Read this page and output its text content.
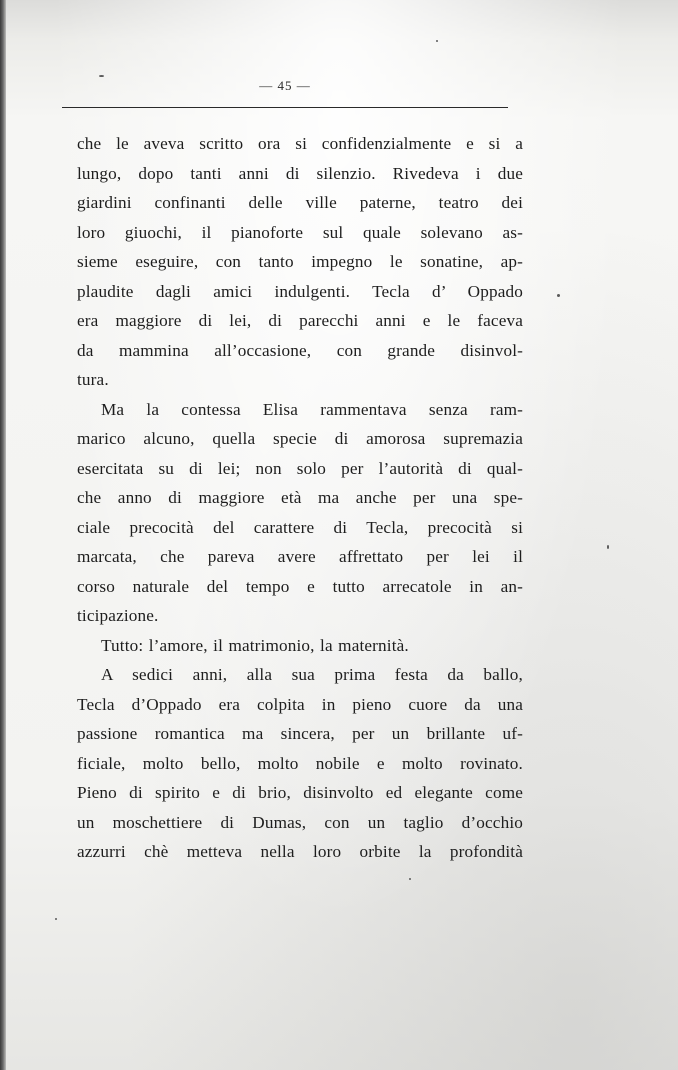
— 45 —
che le aveva scritto ora si confidenzialmente e si a
lungo, dopo tanti anni di silenzio. Rivedeva i due
giardini confinanti delle ville paterne, teatro dei
loro giuochi, il pianoforte sul quale solevano as-
sieme eseguire, con tanto impegno le sonatine, ap-
plaudite dagli amici indulgenti. Tecla d’ Oppado
era maggiore di lei, di parecchi anni e le faceva
da mammina all’occasione, con grande disinvol-
tura.
Ma la contessa Elisa rammentava senza ram-
marico alcuno, quella specie di amorosa supremazia
esercitata su di lei; non solo per l’autorità di qual-
che anno di maggiore età ma anche per una spe-
ciale precocità del carattere di Tecla, precocità si
marcata, che pareva avere affrettato per lei il
corso naturale del tempo e tutto arrecatole in an-
ticipazione.
Tutto: l’amore, il matrimonio, la maternità.
A sedici anni, alla sua prima festa da ballo,
Tecla d’Oppado era colpita in pieno cuore da una
passione romantica ma sincera, per un brillante uf-
ficiale, molto bello, molto nobile e molto rovinato.
Pieno di spirito e di brio, disinvolto ed elegante come
un moschettiere di Dumas, con un taglio d’occhio
azzurri chè metteva nella loro orbite la profondità
